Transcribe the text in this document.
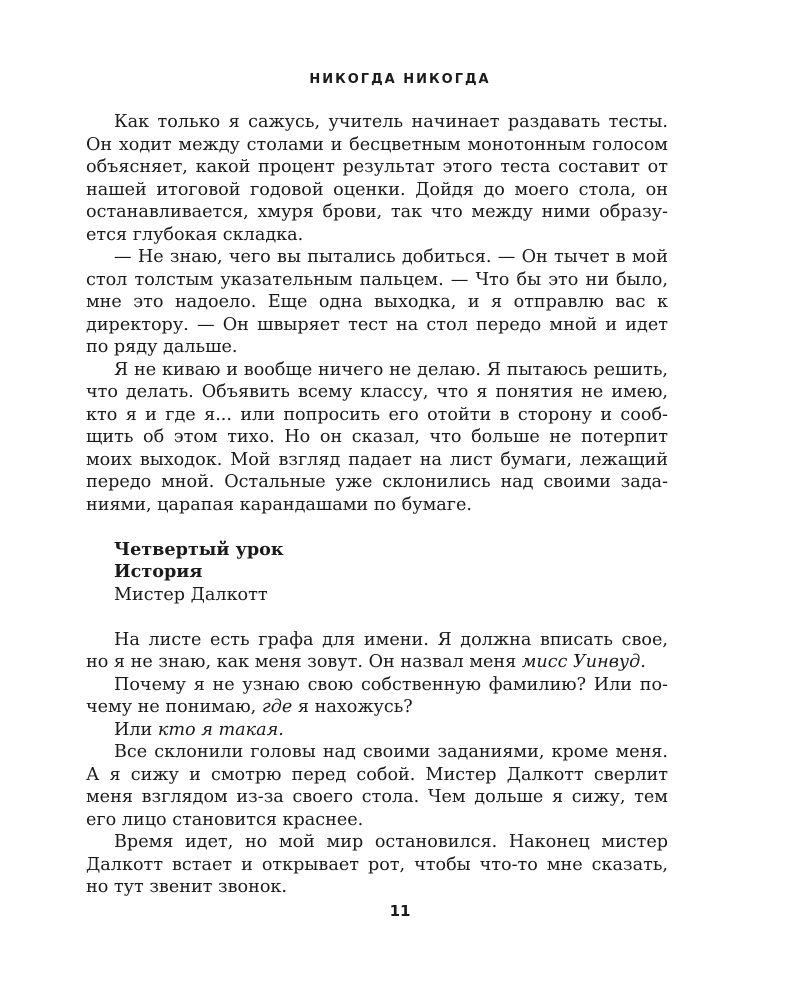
НИКОГДА НИКОГДА

Как только я сажусь, учитель начинает раздавать тесты. Он ходит между столами и бесцветным монотонным голосом объясняет, какой процент результат этого теста составит от нашей итоговой годовой оценки. Дойдя до моего стола, он останавливается, хмуря брови, так что между ними образуется глубокая складка.

— Не знаю, чего вы пытались добиться. — Он тычет в мой стол толстым указательным пальцем. — Что бы это ни было, мне это надоело. Еще одна выходка, и я отправлю вас к директору. — Он швыряет тест на стол передо мной и идет по ряду дальше.

Я не киваю и вообще ничего не делаю. Я пытаюсь решить, что делать. Объявить всему классу, что я понятия не имею, кто я и где я... или попросить его отойти в сторону и сообщить об этом тихо. Но он сказал, что больше не потерпит моих выходок. Мой взгляд падает на лист бумаги, лежащий передо мной. Остальные уже склонились над своими заданиями, царапая карандашами по бумаге.

Четвертый урок
История
Мистер Далкотт

На листе есть графа для имени. Я должна вписать свое, но я не знаю, как меня зовут. Он назвал меня мисс Уинвуд.

Почему я не узнаю свою собственную фамилию? Или почему не понимаю, где я нахожусь?

Или кто я такая.

Все склонили головы над своими заданиями, кроме меня. А я сижу и смотрю перед собой. Мистер Далкотт сверлит меня взглядом из-за своего стола. Чем дольше я сижу, тем его лицо становится краснее.

Время идет, но мой мир остановился. Наконец мистер Далкотт встает и открывает рот, чтобы что-то мне сказать, но тут звенит звонок.

11
